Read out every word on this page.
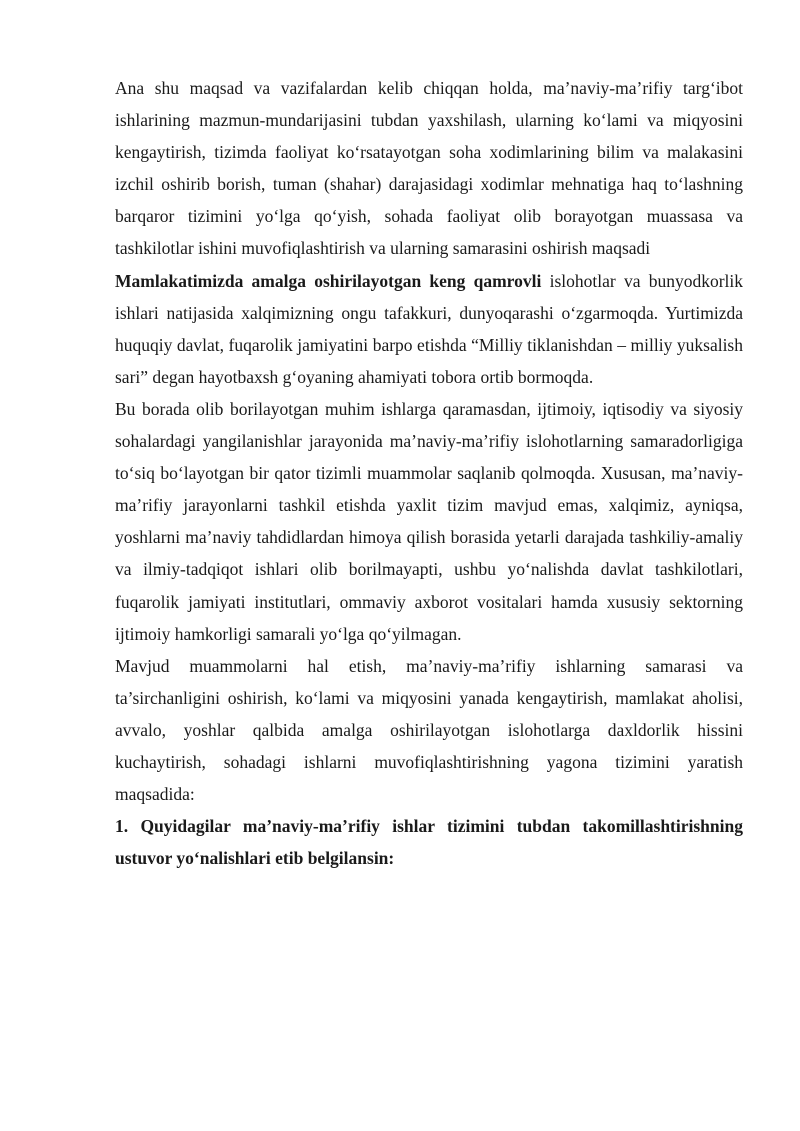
Ana shu maqsad va vazifalardan kelib chiqqan holda, ma’naviy-ma’rifiy targ‘ibot ishlarining mazmun-mundarijasini tubdan yaxshilash, ularning ko‘lami va miqyosini kengaytirish, tizimda faoliyat ko‘rsatayotgan soha xodimlarining bilim va malakasini izchil oshirib borish, tuman (shahar) darajasidagi xodimlar mehnatiga haq to‘lashning barqaror tizimini yo‘lga qo‘yish, sohada faoliyat olib borayotgan muassasa va tashkilotlar ishini muvofiqlashtirish va ularning samarasini oshirish maqsadi

Mamlakatimizda amalga oshirilayotgan keng qamrovli islohotlar va bunyodkorlik ishlari natijasida xalqimizning ongu tafakkuri, dunyoqarashi o‘zgarmoqda. Yurtimizda huquqiy davlat, fuqarolik jamiyatini barpo etishda “Milliy tiklanishdan – milliy yuksalish sari” degan hayotbaxsh g‘oyaning ahamiyati tobora ortib bormoqda.

Bu borada olib borilayotgan muhim ishlarga qaramasdan, ijtimoiy, iqtisodiy va siyosiy sohalardagi yangilanishlar jarayonida ma’naviy-ma’rifiy islohotlarning samaradorligiga to‘siq bo‘layotgan bir qator tizimli muammolar saqlanib qolmoqda. Xususan, ma’naviy-ma’rifiy jarayonlarni tashkil etishda yaxlit tizim mavjud emas, xalqimiz, ayniqsa, yoshlarni ma’naviy tahdidlardan himoya qilish borasida yetarli darajada tashkiliy-amaliy va ilmiy-tadqiqot ishlari olib borilmayapti, ushbu yo‘nalishda davlat tashkilotlari, fuqarolik jamiyati institutlari, ommaviy axborot vositalari hamda xususiy sektorning ijtimoiy hamkorligi samarali yo‘lga qo‘yilmagan.

Mavjud muammolarni hal etish, ma’naviy-ma’rifiy ishlarning samarasi va ta’sirchanligini oshirish, ko‘lami va miqyosini yanada kengaytirish, mamlakat aholisi, avvalo, yoshlar qalbida amalga oshirilayotgan islohotlarga daxldorlik hissini kuchaytirish, sohadagi ishlarni muvofiqlashtirishning yagona tizimini yaratish maqsadida:

1. Quyidagilar ma’naviy-ma’rifiy ishlar tizimini tubdan takomillashtirishning ustuvor yo‘nalishlari etib belgilansin:
